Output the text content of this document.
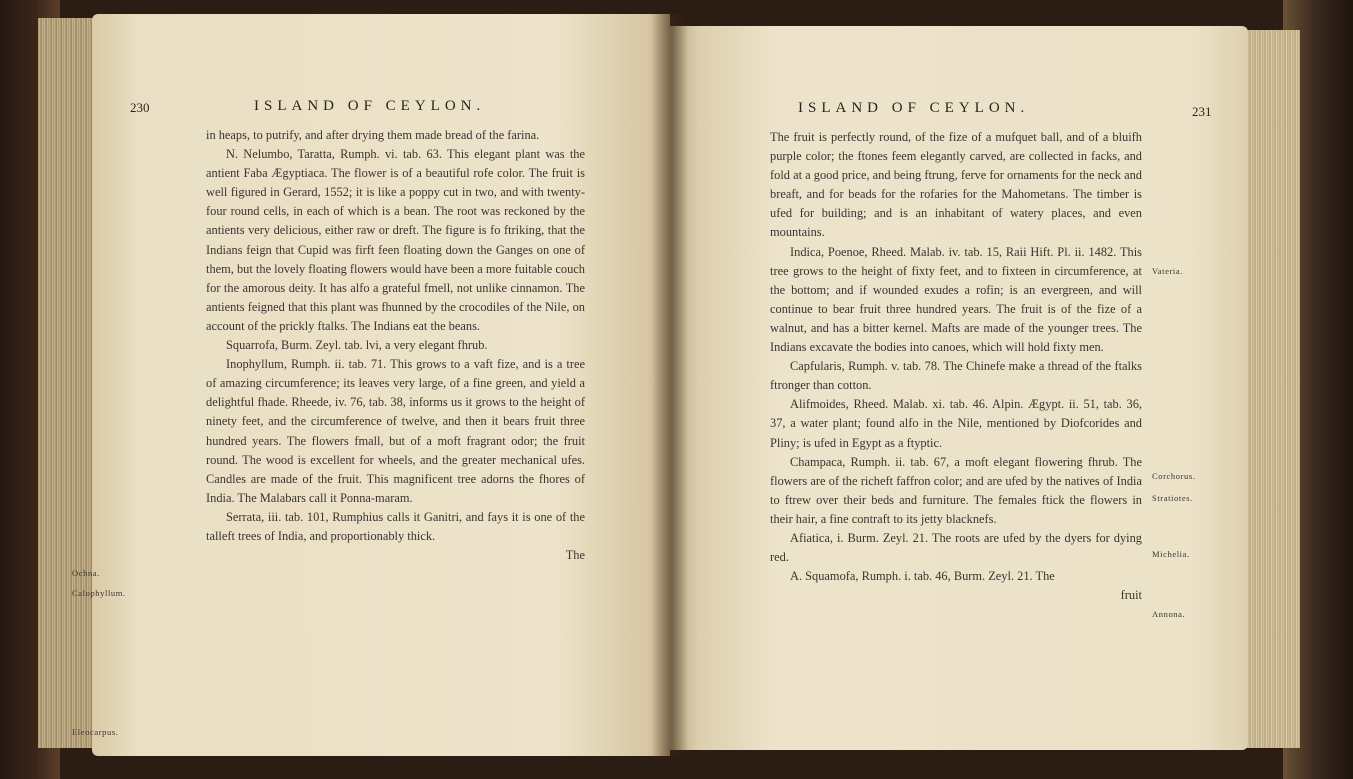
230	ISLAND OF CEYLON.

in heaps, to putrify, and after drying them made bread of the farina.

N. Nelumbo, Taratta, Rumph. vi. tab. 63. This elegant plant was the antient Faba Ægyptiaca. The flower is of a beautiful rofe color. The fruit is well figured in Gerard, 1552; it is like a poppy cut in two, and with twenty-four round cells, in each of which is a bean. The root was reckoned by the antients very delicious, either raw or dreft. The figure is fo ftriking, that the Indians feign that Cupid was firft feen floating down the Ganges on one of them, but the lovely floating flowers would have been a more fuitable couch for the amorous deity. It has alfo a grateful fmell, not unlike cinnamon. The antients feigned that this plant was fhunned by the crocodiles of the Nile, on account of the prickly ftalks. The Indians eat the beans.

Squarrofa, Burm. Zeyl. tab. lvi, a very elegant fhrub.

Inophyllum, Rumph. ii. tab. 71. This grows to a vaft fize, and is a tree of amazing circumference; its leaves very large, of a fine green, and yield a delightful fhade. Rheede, iv. 76, tab. 38, informs us it grows to the height of ninety feet, and the circumference of twelve, and then it bears fruit three hundred years. The flowers fmall, but of a moft fragrant odor; the fruit round. The wood is excellent for wheels, and the greater mechanical ufes. Candles are made of the fruit. This magnificent tree adorns the fhores of India. The Malabars call it Ponna-maram.

Serrata, iii. tab. 101, Rumphius calls it Ganitri, and fays it is one of the talleft trees of India, and proportionably thick.

The

Ochna.
Calophyllum.
Eleocarpus.
ISLAND OF CEYLON.	231

The fruit is perfectly round, of the fize of a mufquet ball, and of a bluifh purple color; the ftones feem elegantly carved, are collected in facks, and fold at a good price, and being ftrung, ferve for ornaments for the neck and breaft, and for beads for the rofaries for the Mahometans. The timber is ufed for building; and is an inhabitant of watery places, and even mountains.

Indica, Poenoe, Rheed. Malab. iv. tab. 15, Raii Hift. Pl. ii. 1482. This tree grows to the height of fixty feet, and to fixteen in circumference, at the bottom; and if wounded exudes a rofin; is an evergreen, and will continue to bear fruit three hundred years. The fruit is of the fize of a walnut, and has a bitter kernel. Mafts are made of the younger trees. The Indians excavate the bodies into canoes, which will hold fixty men.

Capfularis, Rumph. v. tab. 78. The Chinefe make a thread of the ftalks ftronger than cotton.

Alifmoides, Rheed. Malab. xi. tab. 46. Alpin. Ægypt. ii. 51, tab. 36, 37, a water plant; found alfo in the Nile, mentioned by Diofcorides and Pliny; is ufed in Egypt as a ftyptic.

Champaca, Rumph. ii. tab. 67, a moft elegant flowering fhrub. The flowers are of the richeft faffron color; and are ufed by the natives of India to ftrew over their beds and furniture. The females ftick the flowers in their hair, a fine contraft to its jetty blacknefs.

Afiatica, i. Burm. Zeyl. 21. The roots are ufed by the dyers for dying red.

A. Squamofa, Rumph. i. tab. 46, Burm. Zeyl. 21. The

fruit

Vateria.
Corchorus.
Stratiotes.
Michelia.
Annona.
